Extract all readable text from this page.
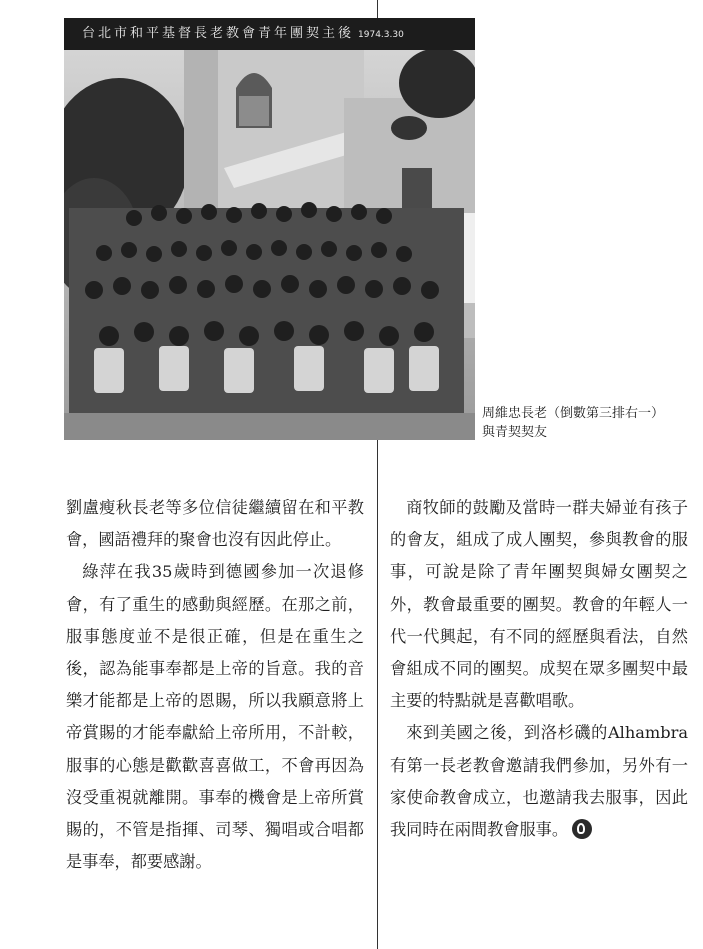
台北市和平基督長老教會青年團契主後 1974.3.30
周維忠長老（倒數第三排右一）
與青契契友

劉盧瘦秋長老等多位信徒繼續留在和平教會，國語禮拜的聚會也沒有因此停止。

綠萍在我35歲時到德國參加一次退修會，有了重生的感動與經歷。在那之前，服事態度並不是很正確，但是在重生之後，認為能事奉都是上帝的旨意。我的音樂才能都是上帝的恩賜，所以我願意將上帝賞賜的才能奉獻給上帝所用，不計較，服事的心態是歡歡喜喜做工，不會再因為沒受重視就離開。事奉的機會是上帝所賞賜的，不管是指揮、司琴、獨唱或合唱都是事奉，都要感謝。

商牧師的鼓勵及當時一群夫婦並有孩子的會友，組成了成人團契，參與教會的服事，可說是除了青年團契與婦女團契之外，教會最重要的團契。教會的年輕人一代一代興起，有不同的經歷與看法，自然會組成不同的團契。成契在眾多團契中最主要的特點就是喜歡唱歌。

來到美國之後，到洛杉磯的Alhambra有第一長老教會邀請我們參加，另外有一家使命教會成立，也邀請我去服事，因此我同時在兩間教會服事。
